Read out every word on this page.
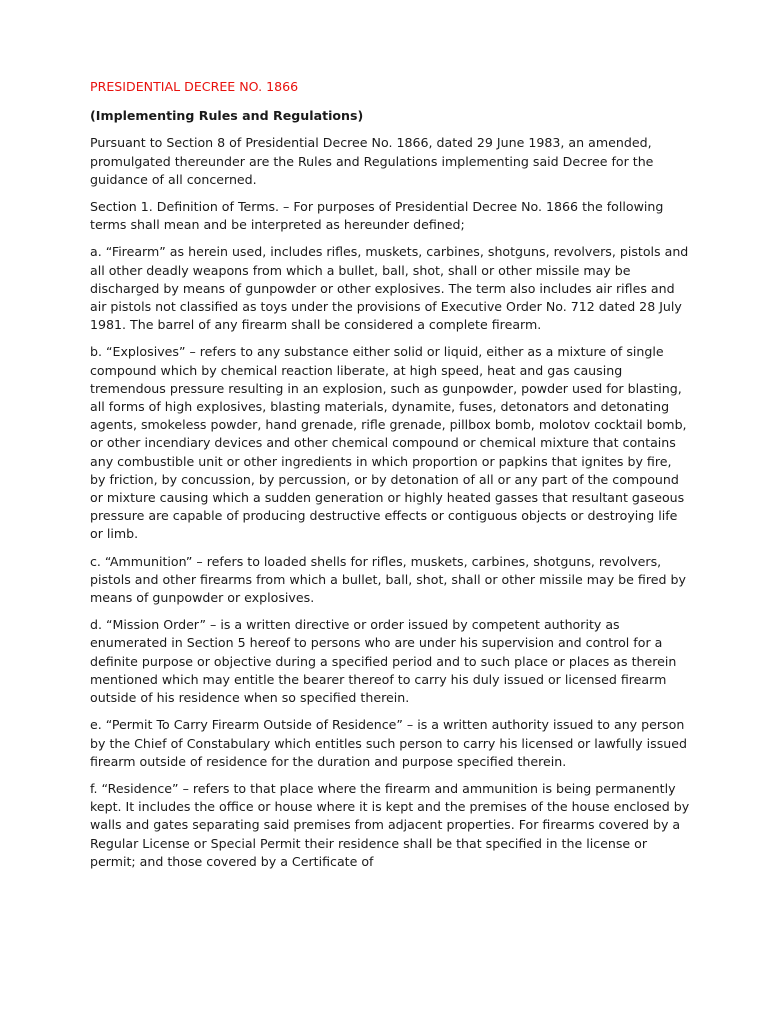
PRESIDENTIAL DECREE NO. 1866
(Implementing Rules and Regulations)
Pursuant to Section 8 of Presidential Decree No. 1866, dated 29 June 1983, an amended, promulgated thereunder are the Rules and Regulations implementing said Decree for the guidance of all concerned.
Section 1. Definition of Terms. – For purposes of Presidential Decree No. 1866 the following terms shall mean and be interpreted as hereunder defined;
a. “Firearm” as herein used, includes rifles, muskets, carbines, shotguns, revolvers, pistols and all other deadly weapons from which a bullet, ball, shot, shall or other missile may be discharged by means of gunpowder or other explosives. The term also includes air rifles and air pistols not classified as toys under the provisions of Executive Order No. 712 dated 28 July 1981. The barrel of any firearm shall be considered a complete firearm.
b. “Explosives” – refers to any substance either solid or liquid, either as a mixture of single compound which by chemical reaction liberate, at high speed, heat and gas causing tremendous pressure resulting in an explosion, such as gunpowder, powder used for blasting, all forms of high explosives, blasting materials, dynamite, fuses, detonators and detonating agents, smokeless powder, hand grenade, rifle grenade, pillbox bomb, molotov cocktail bomb, or other incendiary devices and other chemical compound or chemical mixture that contains any combustible unit or other ingredients in which proportion or papkins that ignites by fire, by friction, by concussion, by percussion, or by detonation of all or any part of the compound or mixture causing which a sudden generation or highly heated gasses that resultant gaseous pressure are capable of producing destructive effects or contiguous objects or destroying life or limb.
c. “Ammunition” – refers to loaded shells for rifles, muskets, carbines, shotguns, revolvers, pistols and other firearms from which a bullet, ball, shot, shall or other missile may be fired by means of gunpowder or explosives.
d. “Mission Order” – is a written directive or order issued by competent authority as enumerated in Section 5 hereof to persons who are under his supervision and control for a definite purpose or objective during a specified period and to such place or places as therein mentioned which may entitle the bearer thereof to carry his duly issued or licensed firearm outside of his residence when so specified therein.
e. “Permit To Carry Firearm Outside of Residence” – is a written authority issued to any person by the Chief of Constabulary which entitles such person to carry his licensed or lawfully issued firearm outside of residence for the duration and purpose specified therein.
f. “Residence” – refers to that place where the firearm and ammunition is being permanently kept. It includes the office or house where it is kept and the premises of the house enclosed by walls and gates separating said premises from adjacent properties. For firearms covered by a Regular License or Special Permit their residence shall be that specified in the license or permit; and those covered by a Certificate of
